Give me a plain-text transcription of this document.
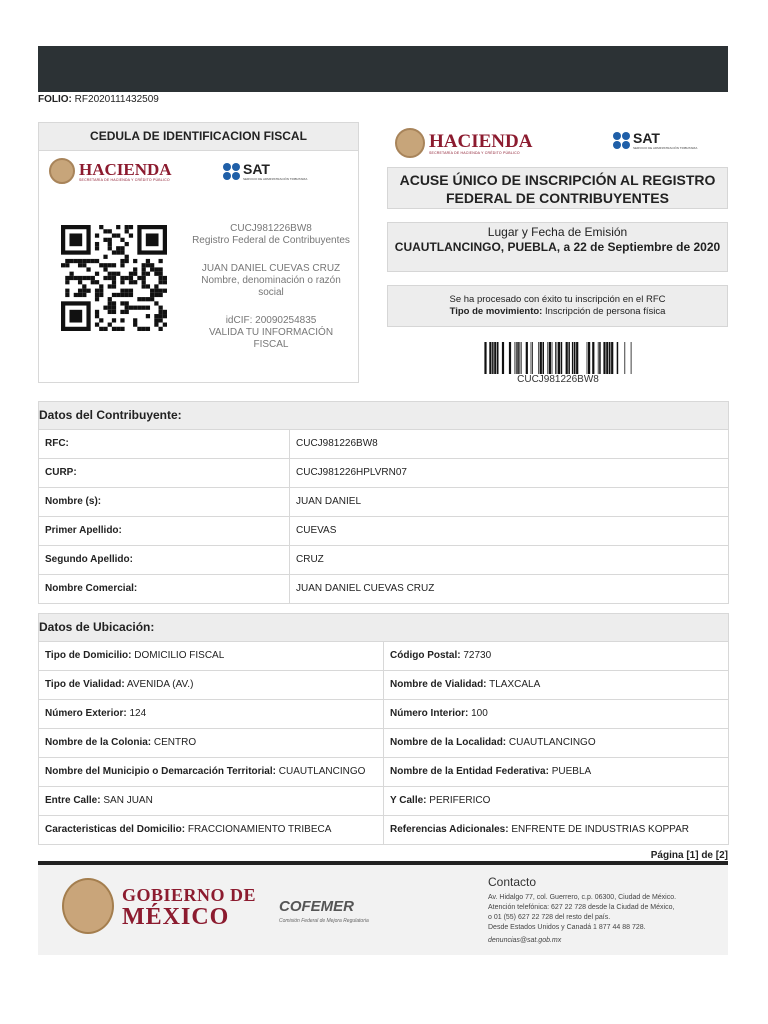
FOLIO: RF2020111432509
CEDULA DE IDENTIFICACION FISCAL
HACIENDA
SECRETARÍA DE HACIENDA Y CRÉDITO PÚBLICO
SAT
SERVICIO DE ADMINISTRACIÓN TRIBUTARIA
CUCJ981226BW8
Registro Federal de Contribuyentes
JUAN DANIEL CUEVAS CRUZ
Nombre, denominación o razón social
idCIF: 20090254835
VALIDA TU INFORMACIÓN FISCAL
HACIENDA
SECRETARÍA DE HACIENDA Y CRÉDITO PÚBLICO
SAT
SERVICIO DE ADMINISTRACIÓN TRIBUTARIA
ACUSE ÚNICO DE INSCRIPCIÓN AL REGISTRO FEDERAL DE CONTRIBUYENTES
Lugar y Fecha de Emisión
CUAUTLANCINGO, PUEBLA, a 22 de Septiembre de 2020
Se ha procesado con éxito tu inscripción en el RFC
Tipo de movimiento: Inscripción de persona física
CUCJ981226BW8
Datos del Contribuyente:
RFC:	CUCJ981226BW8
CURP:	CUCJ981226HPLVRN07
Nombre (s):	JUAN DANIEL
Primer Apellido:	CUEVAS
Segundo Apellido:	CRUZ
Nombre Comercial:	JUAN DANIEL CUEVAS CRUZ
Datos de Ubicación:
Tipo de Domicilio: DOMICILIO FISCAL	Código Postal: 72730
Tipo de Vialidad: AVENIDA (AV.)	Nombre de Vialidad: TLAXCALA
Número Exterior: 124	Número Interior: 100
Nombre de la Colonia: CENTRO	Nombre de la Localidad: CUAUTLANCINGO
Nombre del Municipio o Demarcación Territorial: CUAUTLANCINGO	Nombre de la Entidad Federativa: PUEBLA
Entre Calle: SAN JUAN	Y Calle: PERIFERICO
Caracteristicas del Domicilio: FRACCIONAMIENTO TRIBECA	Referencias Adicionales: ENFRENTE DE INDUSTRIAS KOPPAR
Página [1] de [2]
GOBIERNO DE
MÉXICO	COFEMER
Comisión Federal de Mejora Regulatoria
Contacto
Av. Hidalgo 77, col. Guerrero, c.p. 06300, Ciudad de México.
Atención telefónica: 627 22 728 desde la Ciudad de México,
o 01 (55) 627 22 728 del resto del país.
Desde Estados Unidos y Canadá 1 877 44 88 728.
denuncias@sat.gob.mx
